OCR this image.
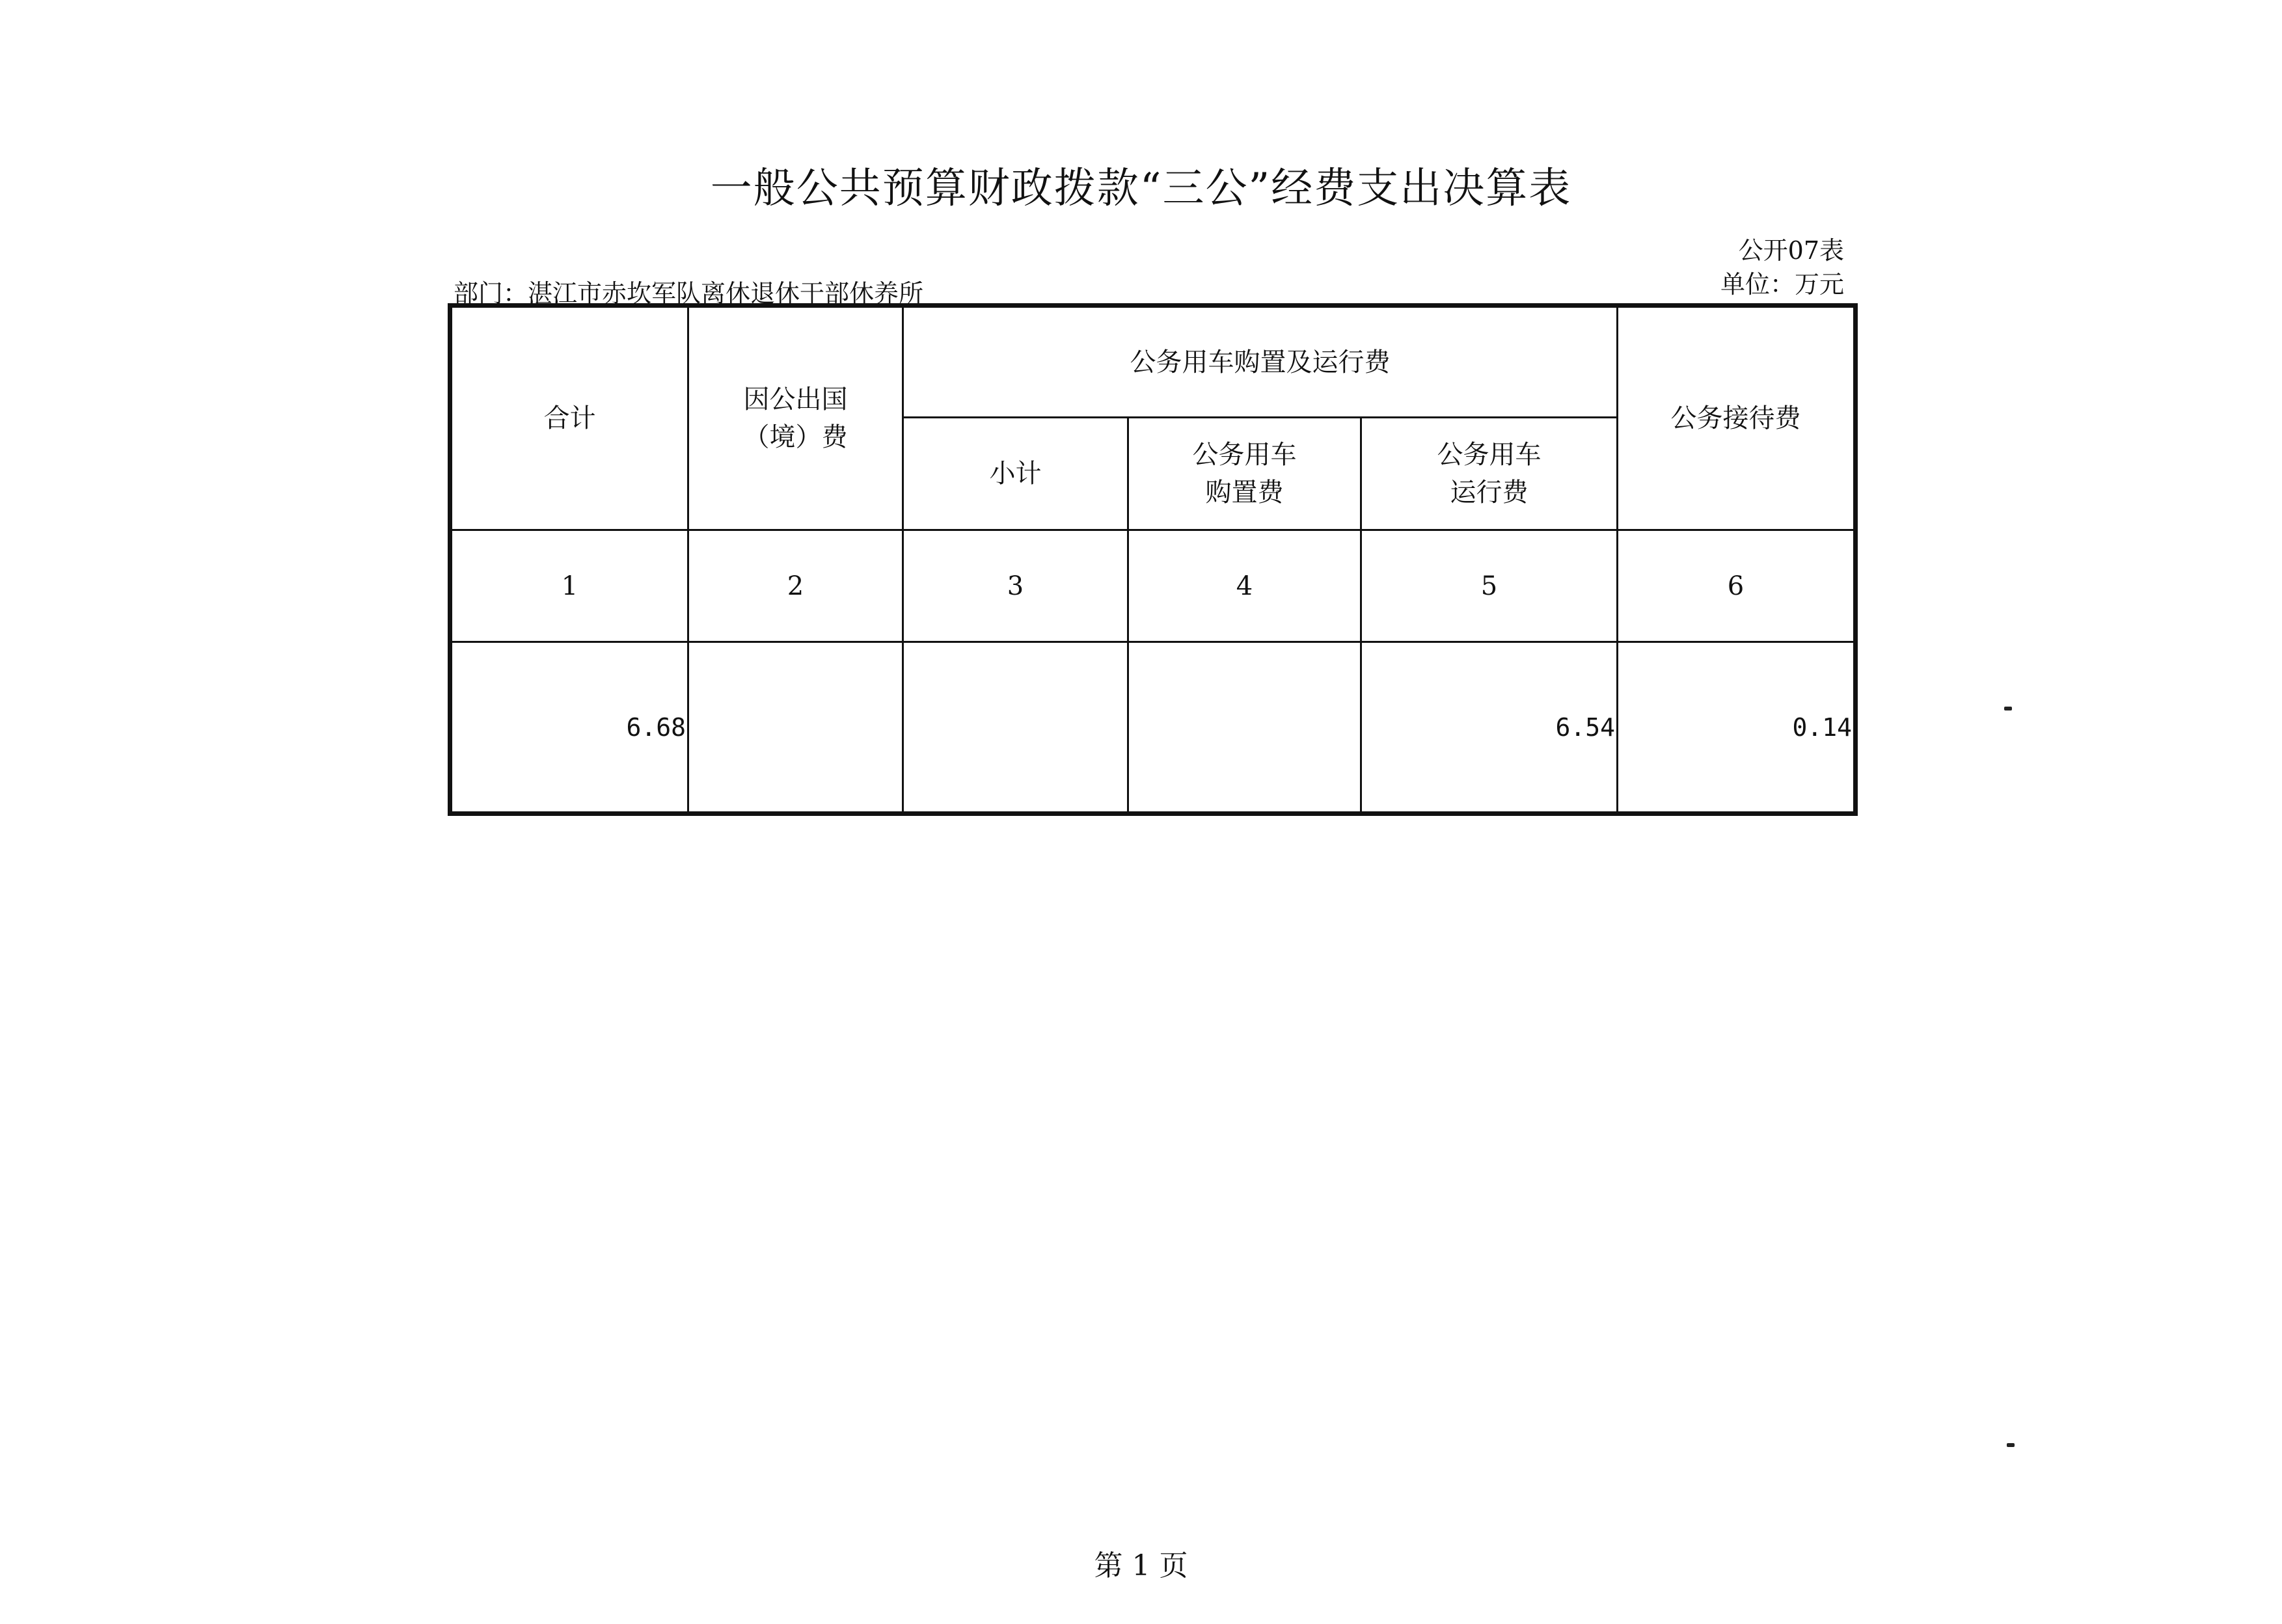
一般公共预算财政拨款“三公”经费支出决算表
公开07表
单位：万元
部门：湛江市赤坎军队离休退休干部休养所
合计	因公出国（境）费	公务用车购置及运行费			公务接待费
		小计	公务用车购置费	公务用车运行费	

1	2	3	4	5	6
6.68				6.54	0.14
第 1 页
